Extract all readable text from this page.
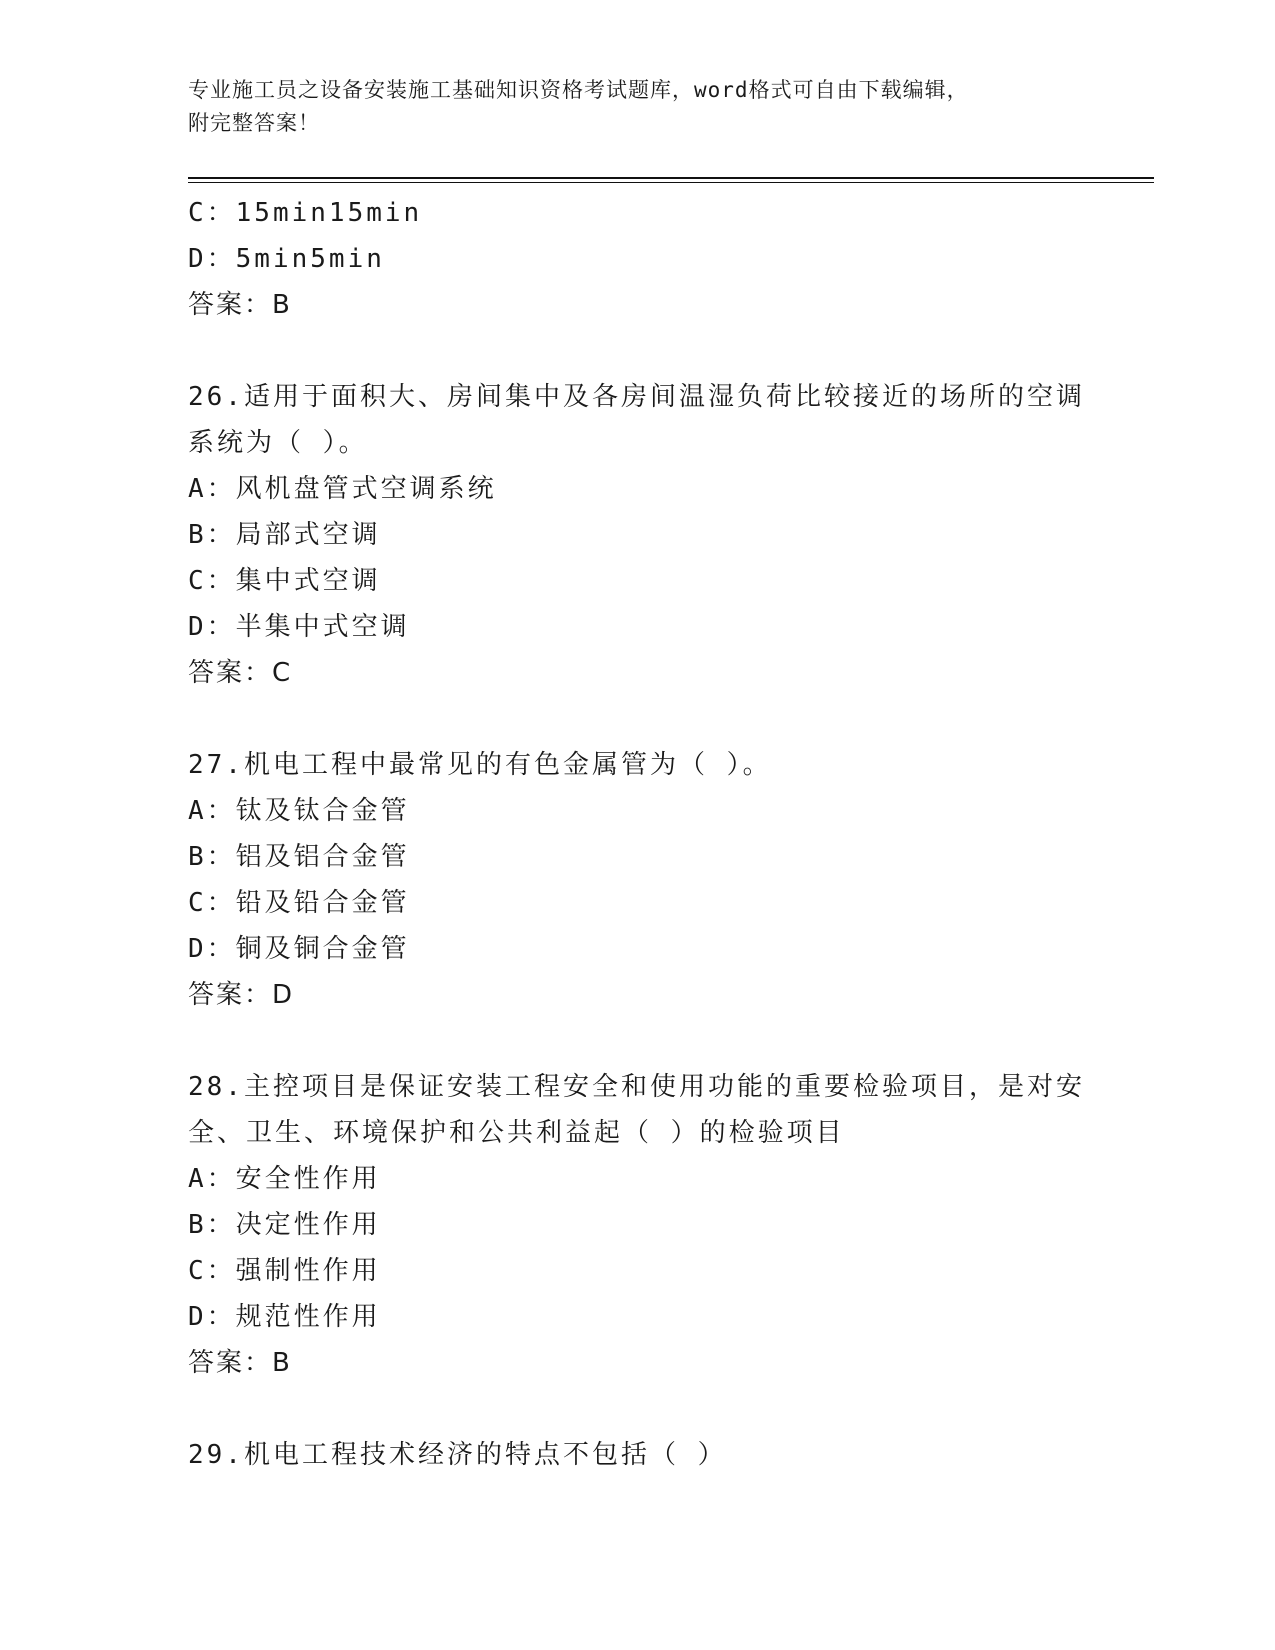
专业施工员之设备安装施工基础知识资格考试题库，word格式可自由下载编辑，
附完整答案！
C：15min15min
D：5min5min
答案：B
26.适用于面积大、房间集中及各房间温湿负荷比较接近的场所的空调
系统为（ ）。
A：风机盘管式空调系统
B：局部式空调
C：集中式空调
D：半集中式空调
答案：C
27.机电工程中最常见的有色金属管为（ ）。
A：钛及钛合金管
B：铝及铝合金管
C：铅及铅合金管
D：铜及铜合金管
答案：D
28.主控项目是保证安装工程安全和使用功能的重要检验项目，是对安
全、卫生、环境保护和公共利益起（ ）的检验项目
A：安全性作用
B：决定性作用
C：强制性作用
D：规范性作用
答案：B
29.机电工程技术经济的特点不包括（ ）
